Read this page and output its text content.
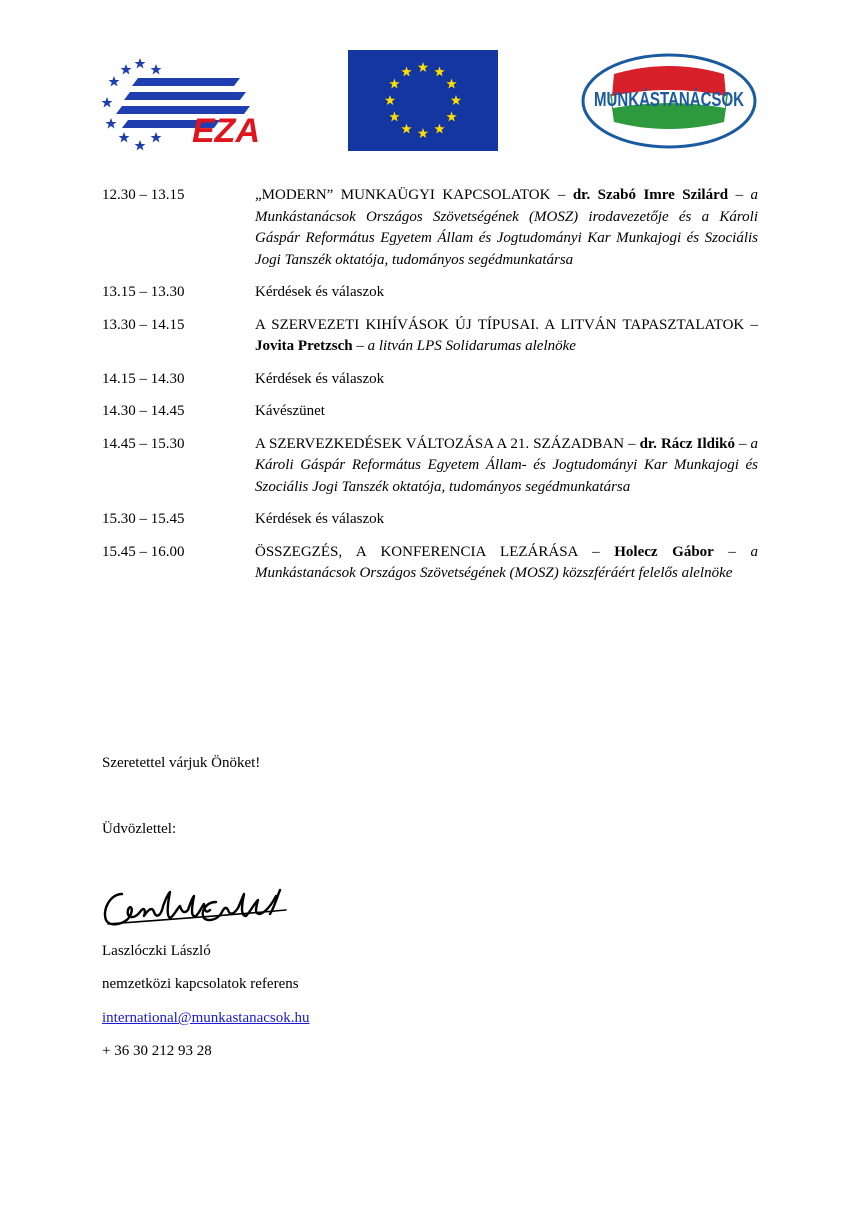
EZA
MUNKÁSTANÁCSOK
12.30 – 13.15	„MODERN” MUNKAÜGYI KAPCSOLATOK – dr. Szabó Imre Szilárd – a Munkástanácsok Országos Szövetségének (MOSZ) irodavezetője és a Károli Gáspár Református Egyetem Állam és Jogtudományi Kar Munkajogi és Szociális Jogi Tanszék oktatója, tudományos segédmunkatársa
13.15 – 13.30	Kérdések és válaszok
13.30 – 14.15	A SZERVEZETI KIHÍVÁSOK ÚJ TÍPUSAI. A LITVÁN TAPASZTALATOK – Jovita Pretzsch – a litván LPS Solidarumas alelnöke
14.15 – 14.30	Kérdések és válaszok
14.30 – 14.45	Kávészünet
14.45 – 15.30	A SZERVEZKEDÉSEK VÁLTOZÁSA A 21. SZÁZADBAN – dr. Rácz Ildikó – a Károli Gáspár Református Egyetem Állam- és Jogtudományi Kar Munkajogi és Szociális Jogi Tanszék oktatója, tudományos segédmunkatársa
15.30 – 15.45	Kérdések és válaszok
15.45 – 16.00	ÖSSZEGZÉS, A KONFERENCIA LEZÁRÁSA – Holecz Gábor – a Munkástanácsok Országos Szövetségének (MOSZ) közszféráért felelős alelnöke
Szeretettel várjuk Önöket!
Üdvözlettel:
Laszlóczki László
nemzetközi kapcsolatok referens
international@munkastanacsok.hu
+ 36 30 212 93 28
